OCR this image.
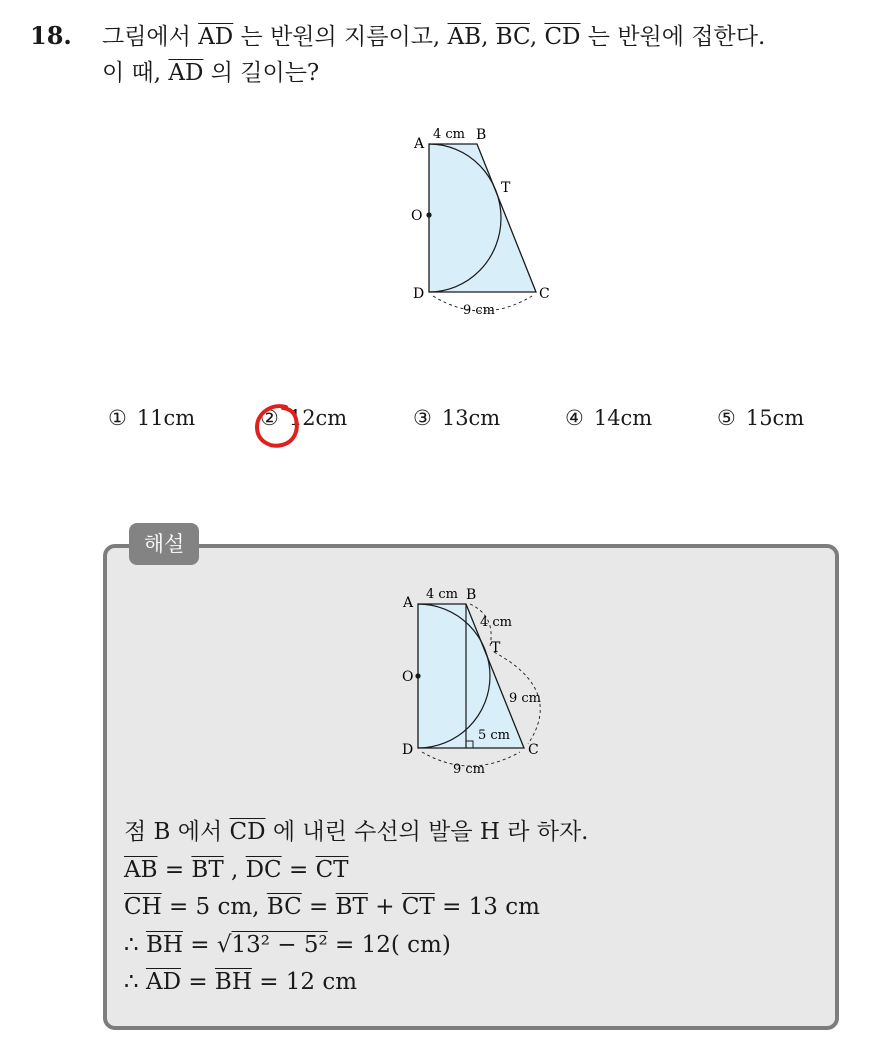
18. 그림에서 $\overline{AD}$ 는 반원의 지름이고, $\overline{AB}$, $\overline{BC}$, $\overline{CD}$ 는 반원에 접한다.
이 때, $\overline{AD}$ 의 길이는?
A
4 cm B
T
O
D	C
9 cm
① 11cm	② 12cm	③ 13cm	④ 14cm	⑤ 15cm
해설
A
4 cm B
4 cm
T
O
9 cm
5 cm
D	C
9 cm
점 B 에서 $\overline{CD}$ 에 내린 수선의 발을 H 라 하자.
$\overline{AB} = \overline{BT}$ , $\overline{DC} = \overline{CT}$
$\overline{CH} = 5$ cm, $\overline{BC} = \overline{BT} + \overline{CT} = 13$ cm
∴ $\overline{BH} = √13^2 - 5^2 = 12$( cm)
∴ $\overline{AD} = \overline{BH} = 12$ cm
